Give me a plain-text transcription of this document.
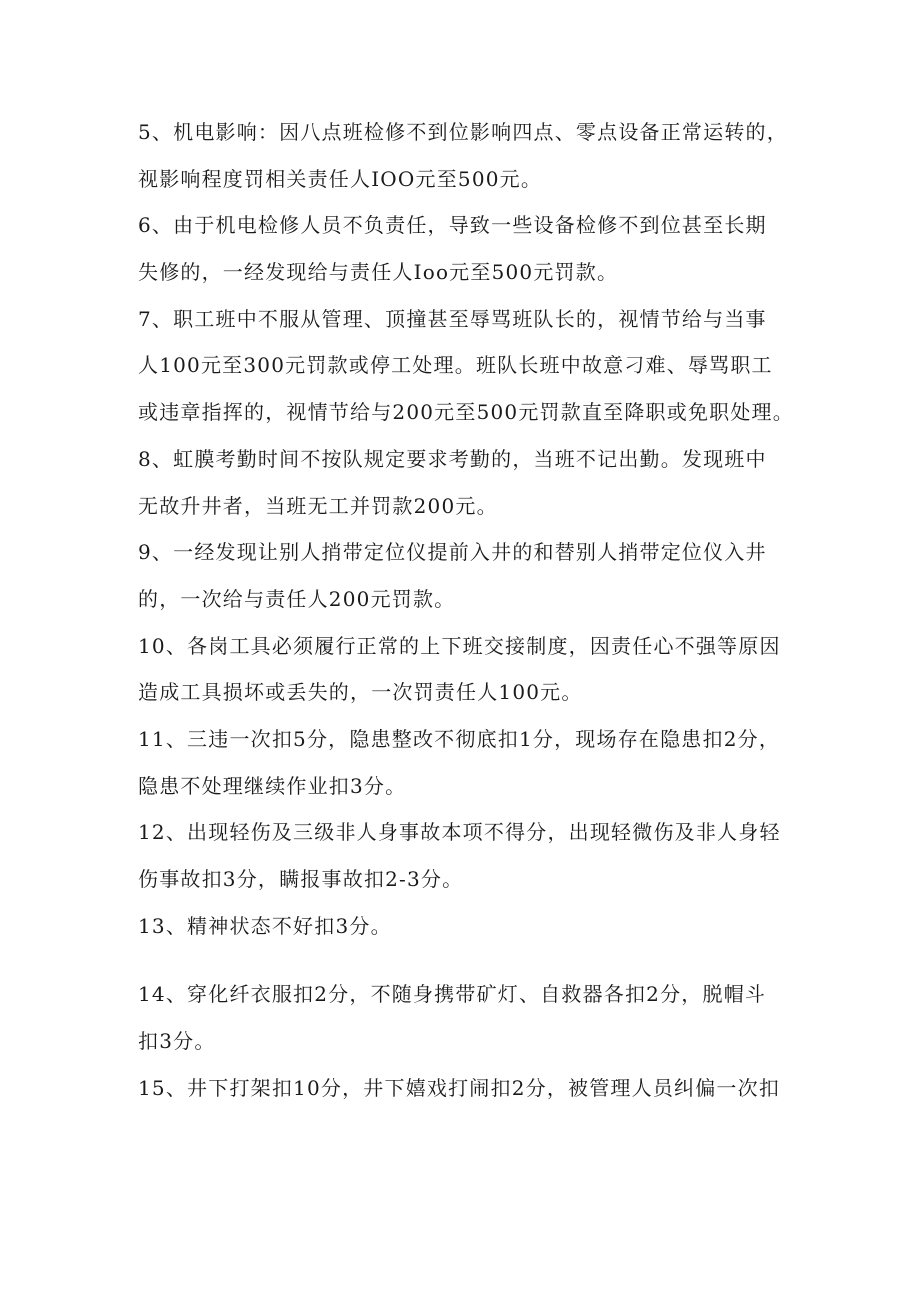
5、机电影响：因八点班检修不到位影响四点、零点设备正常运转的，
视影响程度罚相关责任人IOO元至500元。
6、由于机电检修人员不负责任，导致一些设备检修不到位甚至长期
失修的，一经发现给与责任人Ioo元至500元罚款。
7、职工班中不服从管理、顶撞甚至辱骂班队长的，视情节给与当事
人100元至300元罚款或停工处理。班队长班中故意刁难、辱骂职工
或违章指挥的，视情节给与200元至500元罚款直至降职或免职处理。
8、虹膜考勤时间不按队规定要求考勤的，当班不记出勤。发现班中
无故升井者，当班无工并罚款200元。
9、一经发现让别人捎带定位仪提前入井的和替别人捎带定位仪入井
的，一次给与责任人200元罚款。
10、各岗工具必须履行正常的上下班交接制度，因责任心不强等原因
造成工具损坏或丢失的，一次罚责任人100元。
11、三违一次扣5分，隐患整改不彻底扣1分，现场存在隐患扣2分，
隐患不处理继续作业扣3分。
12、出现轻伤及三级非人身事故本项不得分，出现轻微伤及非人身轻
伤事故扣3分，瞒报事故扣2-3分。
13、精神状态不好扣3分。
14、穿化纤衣服扣2分，不随身携带矿灯、自救器各扣2分，脱帽斗
扣3分。
15、井下打架扣10分，井下嬉戏打闹扣2分，被管理人员纠偏一次扣
